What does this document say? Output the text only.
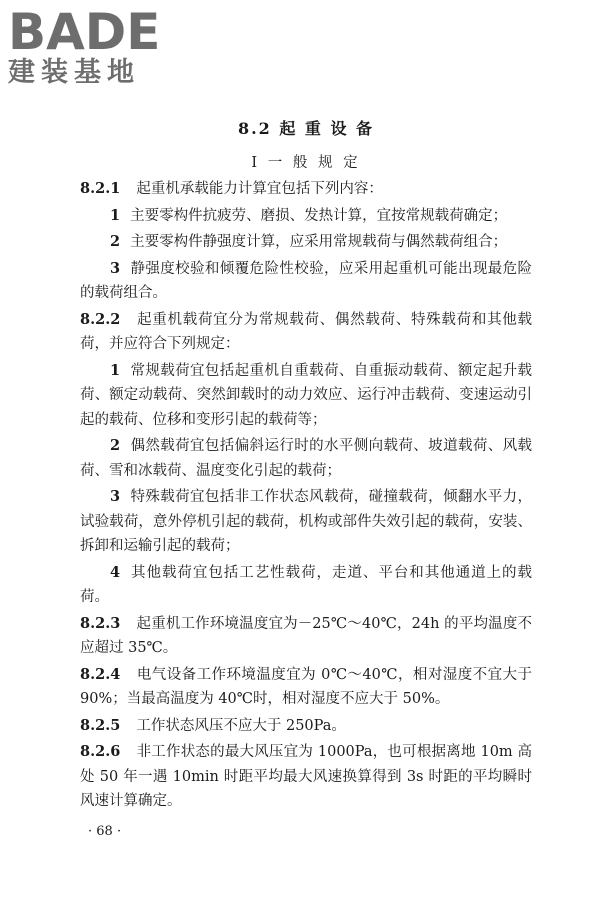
BADE
建装基地
8.2 起 重 设 备
Ⅰ 一 般 规 定
8.2.1 起重机承载能力计算宜包括下列内容：
1 主要零构件抗疲劳、磨损、发热计算，宜按常规载荷确定；
2 主要零构件静强度计算，应采用常规载荷与偶然载荷组合；
3 静强度校验和倾覆危险性校验，应采用起重机可能出现最危险的载荷组合。
8.2.2 起重机载荷宜分为常规载荷、偶然载荷、特殊载荷和其他载荷，并应符合下列规定：
1 常规载荷宜包括起重机自重载荷、自重振动载荷、额定起升载荷、额定动载荷、突然卸载时的动力效应、运行冲击载荷、变速运动引起的载荷、位移和变形引起的载荷等；
2 偶然载荷宜包括偏斜运行时的水平侧向载荷、坡道载荷、风载荷、雪和冰载荷、温度变化引起的载荷；
3 特殊载荷宜包括非工作状态风载荷，碰撞载荷，倾翻水平力，试验载荷，意外停机引起的载荷，机构或部件失效引起的载荷，安装、拆卸和运输引起的载荷；
4 其他载荷宜包括工艺性载荷，走道、平台和其他通道上的载荷。
8.2.3 起重机工作环境温度宜为－25℃～40℃，24h 的平均温度不应超过 35℃。
8.2.4 电气设备工作环境温度宜为 0℃～40℃，相对湿度不宜大于 90%；当最高温度为 40℃时，相对湿度不应大于 50%。
8.2.5 工作状态风压不应大于 250Pa。
8.2.6 非工作状态的最大风压宜为 1000Pa，也可根据离地 10m 高处 50 年一遇 10min 时距平均最大风速换算得到 3s 时距的平均瞬时风速计算确定。
· 68 ·
